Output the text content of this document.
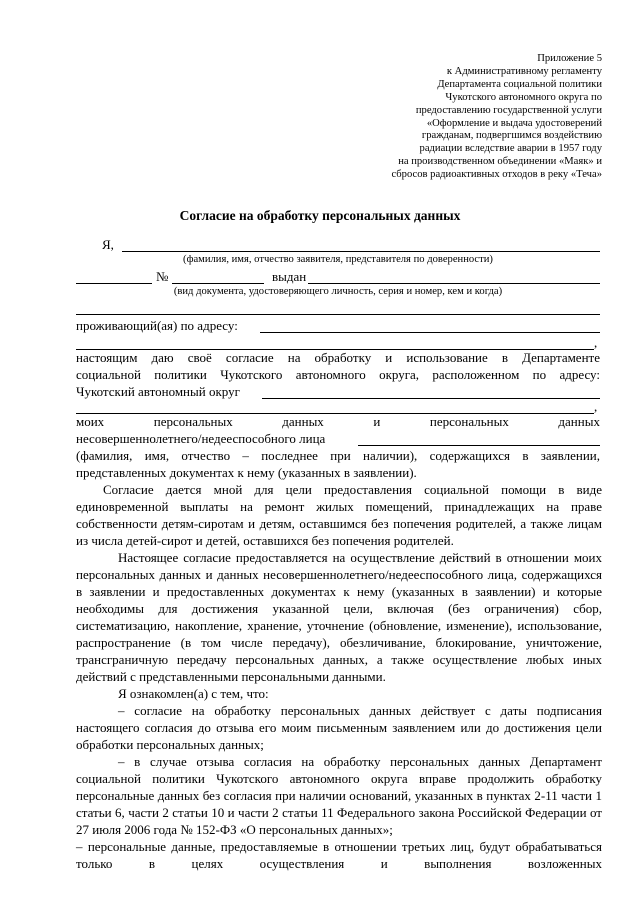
Приложение 5
к Административному регламенту
Департамента социальной политики
Чукотского автономного округа по
предоставлению государственной услуги
«Оформление и выдача удостоверений
гражданам, подвергшимся воздействию
радиации вследствие аварии в 1957 году
на производственном объединении «Маяк» и
сбросов радиоактивных отходов в реку «Теча»
Согласие на обработку персональных данных
Я,
(фамилия, имя, отчество заявителя, представителя по доверенности)
№	выдан
(вид документа, удостоверяющего личность, серия и номер, кем и когда)
проживающий(ая) по адресу:
,
настоящим даю своё согласие на обработку и использование в Департаменте
социальной политики Чукотского автономного округа, расположенном по адресу:
Чукотский автономный округ
,
моих	персональных	данных	и	персональных	данных
несовершеннолетнего/недееспособного лица
(фамилия, имя, отчество – последнее при наличии), содержащихся в заявлении,
представленных документах к нему (указанных в заявлении).

Согласие дается мной для цели предоставления социальной помощи в виде единовременной выплаты на ремонт жилых помещений, принадлежащих на праве собственности детям-сиротам и детям, оставшимся без попечения родителей, а также лицам из числа детей-сирот и детей, оставшихся без попечения родителей.

Настоящее согласие предоставляется на осуществление действий в отношении моих персональных данных и данных несовершеннолетнего/недееспособного лица, содержащихся в заявлении и предоставленных документах к нему (указанных в заявлении) и которые необходимы для достижения указанной цели, включая (без ограничения) сбор, систематизацию, накопление, хранение, уточнение (обновление, изменение), использование, распространение (в том числе передачу), обезличивание, блокирование, уничтожение, трансграничную передачу персональных данных, а также осуществление любых иных действий с представленными персональными данными.

Я ознакомлен(а) с тем, что:

– согласие на обработку персональных данных действует с даты подписания настоящего согласия до отзыва его моим письменным заявлением или до достижения цели обработки персональных данных;

– в случае отзыва согласия на обработку персональных данных Департамент социальной политики Чукотского автономного округа вправе продолжить обработку персональные данных без согласия при наличии оснований, указанных в пунктах 2-11 части 1 статьи 6, части 2 статьи 10 и части 2 статьи 11 Федерального закона Российской Федерации от 27 июля 2006 года № 152-ФЗ «О персональных данных»;

– персональные данные, предоставляемые в отношении третьих лиц, будут обрабатываться только в целях осуществления и выполнения возложенных
